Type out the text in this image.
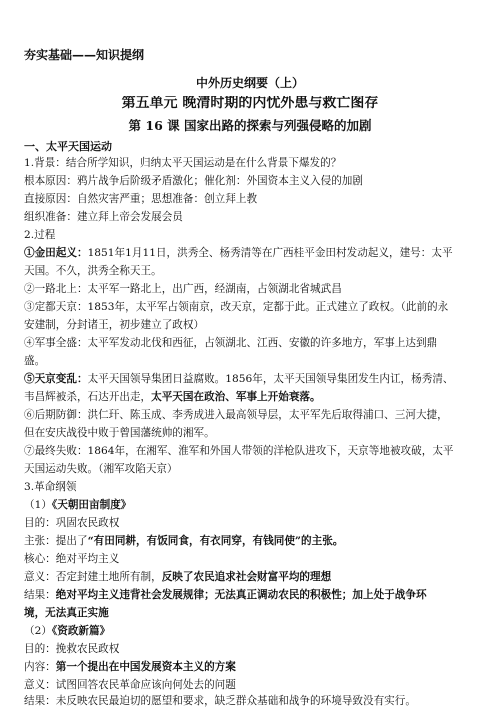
夯实基础——知识提纲
中外历史纲要（上）
第五单元 晚清时期的内忧外患与救亡图存
第 16 课 国家出路的探索与列强侵略的加剧
一、太平天国运动
1.背景：结合所学知识，归纳太平天国运动是在什么背景下爆发的？
根本原因：鸦片战争后阶级矛盾激化；催化剂：外国资本主义入侵的加剧
直接原因：自然灾害严重；思想准备：创立拜上教
组织准备：建立拜上帝会发展会员
2.过程
①金田起义：1851年1月11日，洪秀全、杨秀清等在广西桂平金田村发动起义，建号：太平
天国。不久，洪秀全称天王。
②一路北上：太平军一路北上，出广西，经湖南，占领湖北省城武昌
③定都天京：1853年，太平军占领南京，改天京，定都于此。正式建立了政权。（此前的永
安建制，分封诸王，初步建立了政权）
④军事全盛：太平军发动北伐和西征，占领湖北、江西、安徽的许多地方，军事上达到鼎
盛。
⑤天京变乱：太平天国领导集团日益腐败。1856年，太平天国领导集团发生内讧，杨秀清、
韦昌辉被杀，石达开出走，太平天国在政治、军事上开始衰落。
⑥后期防御：洪仁玕、陈玉成、李秀成进入最高领导层，太平军先后取得浦口、三河大捷，
但在安庆战役中败于曾国藩统帅的湘军。
⑦最终失败：1864年，在湘军、淮军和外国人带领的洋枪队进攻下，天京等地被攻破，太平
天国运动失败。（湘军攻陷天京）
3.革命纲领
（1）《天朝田亩制度》
目的：巩固农民政权
主张：提出了“有田同耕，有饭同食，有衣同穿，有钱同使”的主张。
核心：绝对平均主义
意义：否定封建土地所有制，反映了农民追求社会财富平均的理想
结果：绝对平均主义违背社会发展规律；无法真正调动农民的积极性；加上处于战争环
境，无法真正实施
（2）《资政新篇》
目的：挽救农民政权
内容：第一个提出在中国发展资本主义的方案
意义：试图回答农民革命应该向何处去的问题
结果：未反映农民最迫切的愿望和要求，缺乏群众基础和战争的环境导致没有实行。
